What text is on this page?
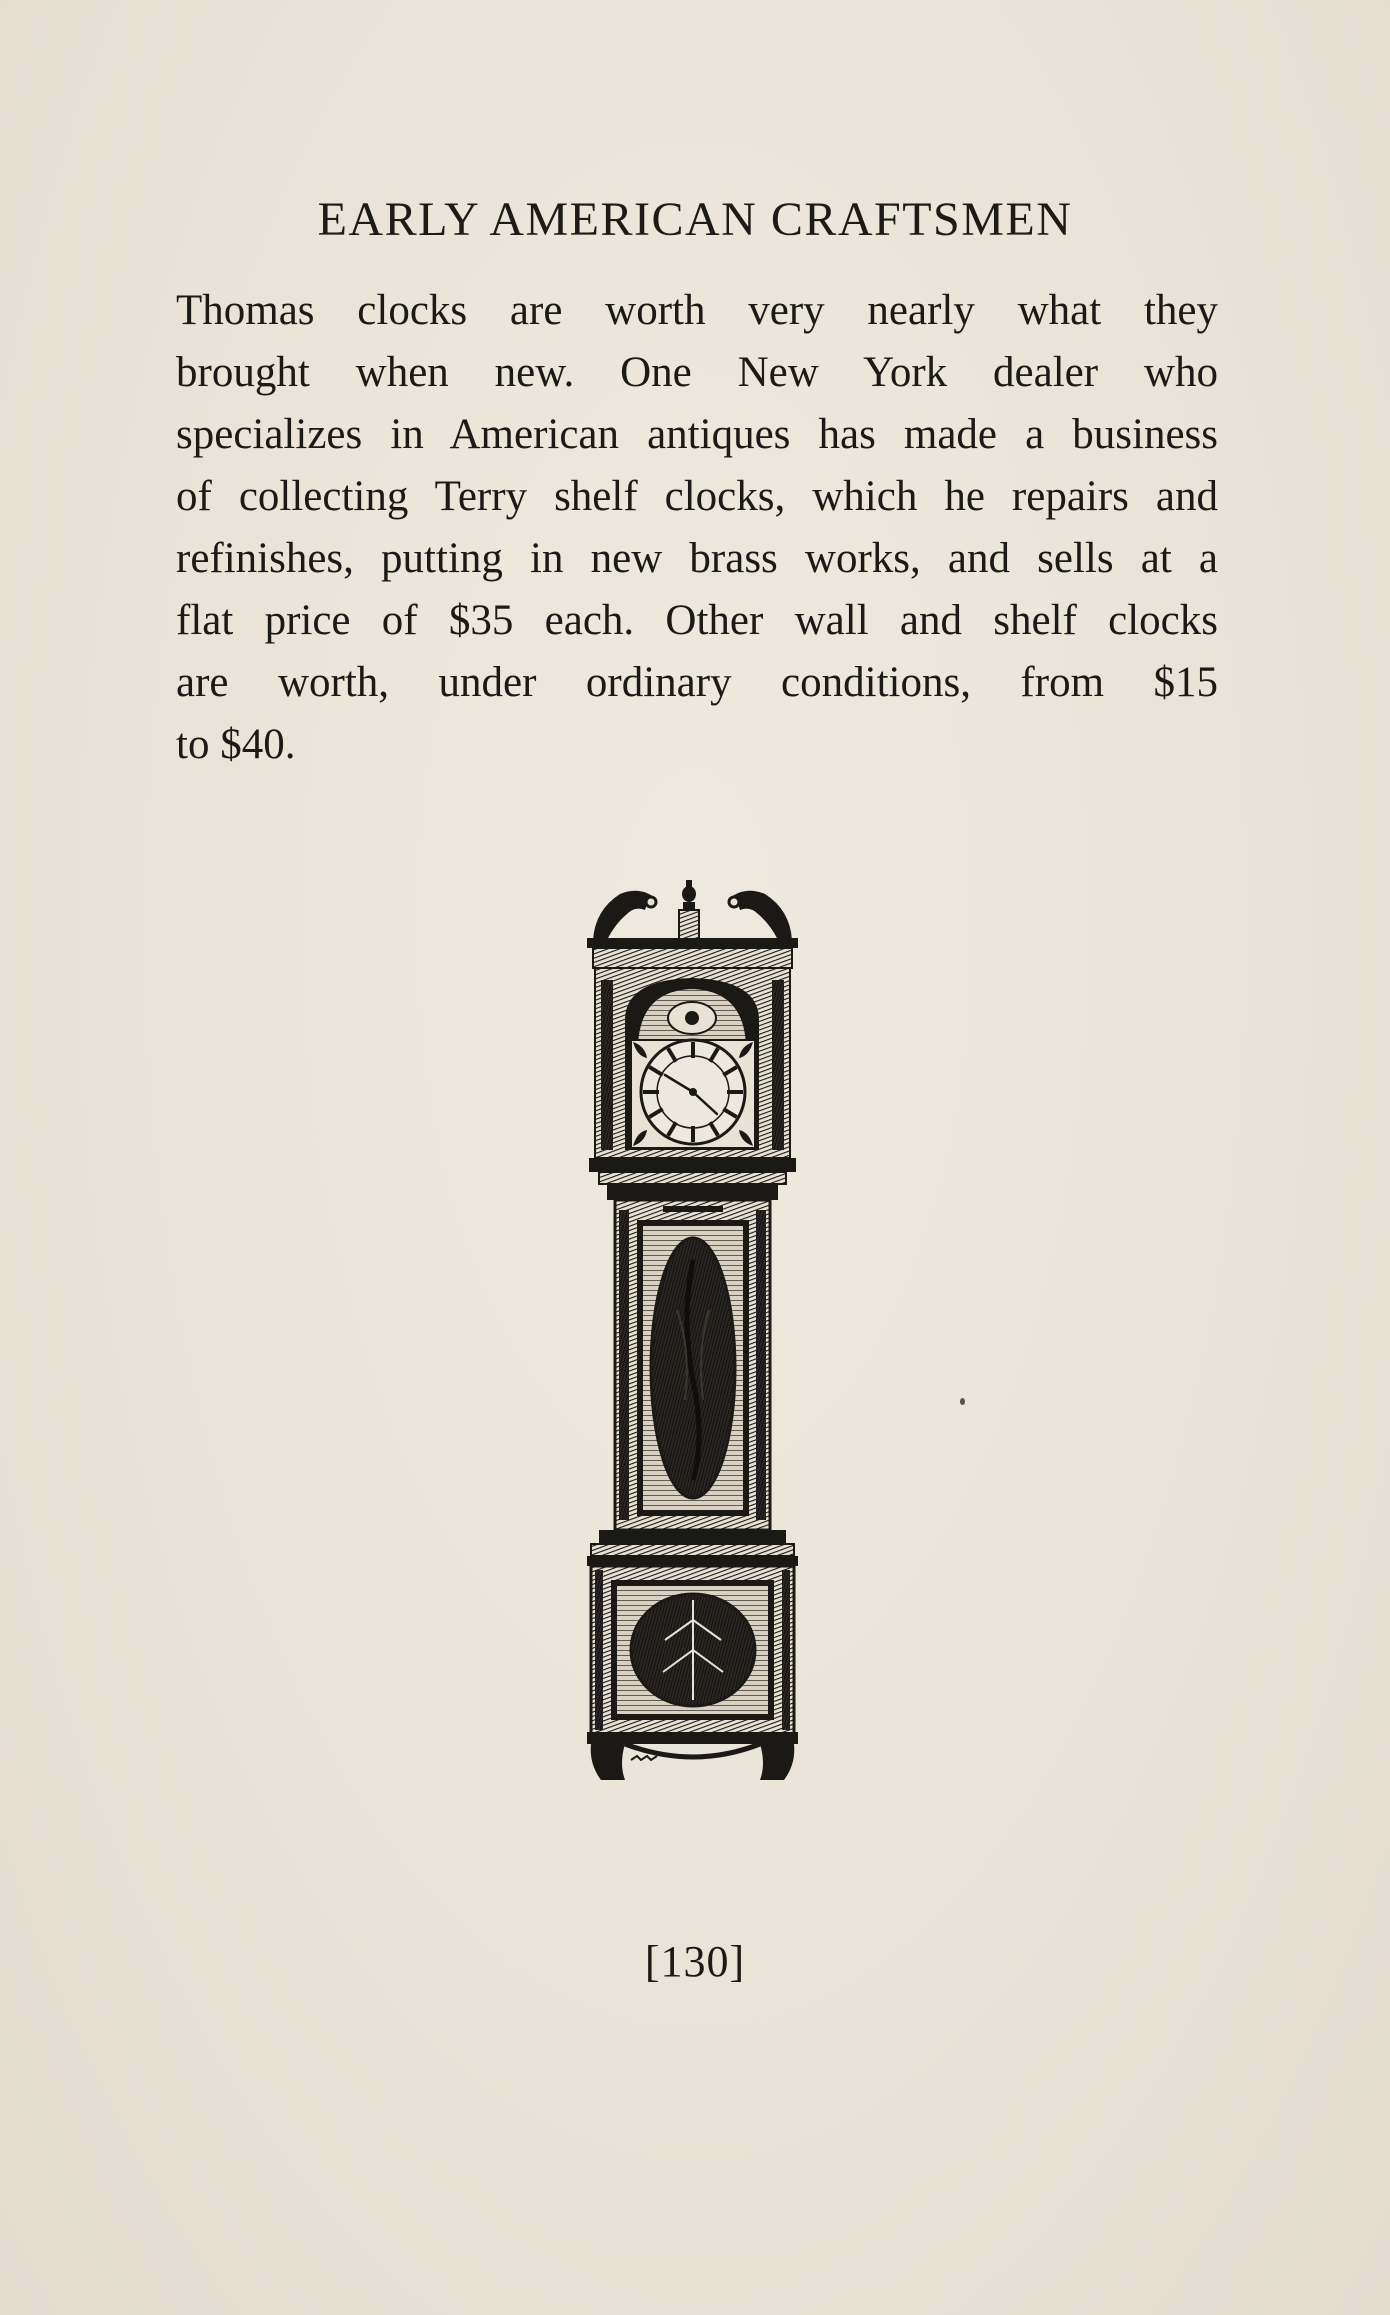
EARLY AMERICAN CRAFTSMEN
Thomas clocks are worth very nearly what they
brought when new. One New York dealer who
specializes in American antiques has made a business
of collecting Terry shelf clocks, which he repairs and
refinishes, putting in new brass works, and sells at a
flat price of $35 each. Other wall and shelf clocks
are worth, under ordinary conditions, from $15
to $40.
[130]
